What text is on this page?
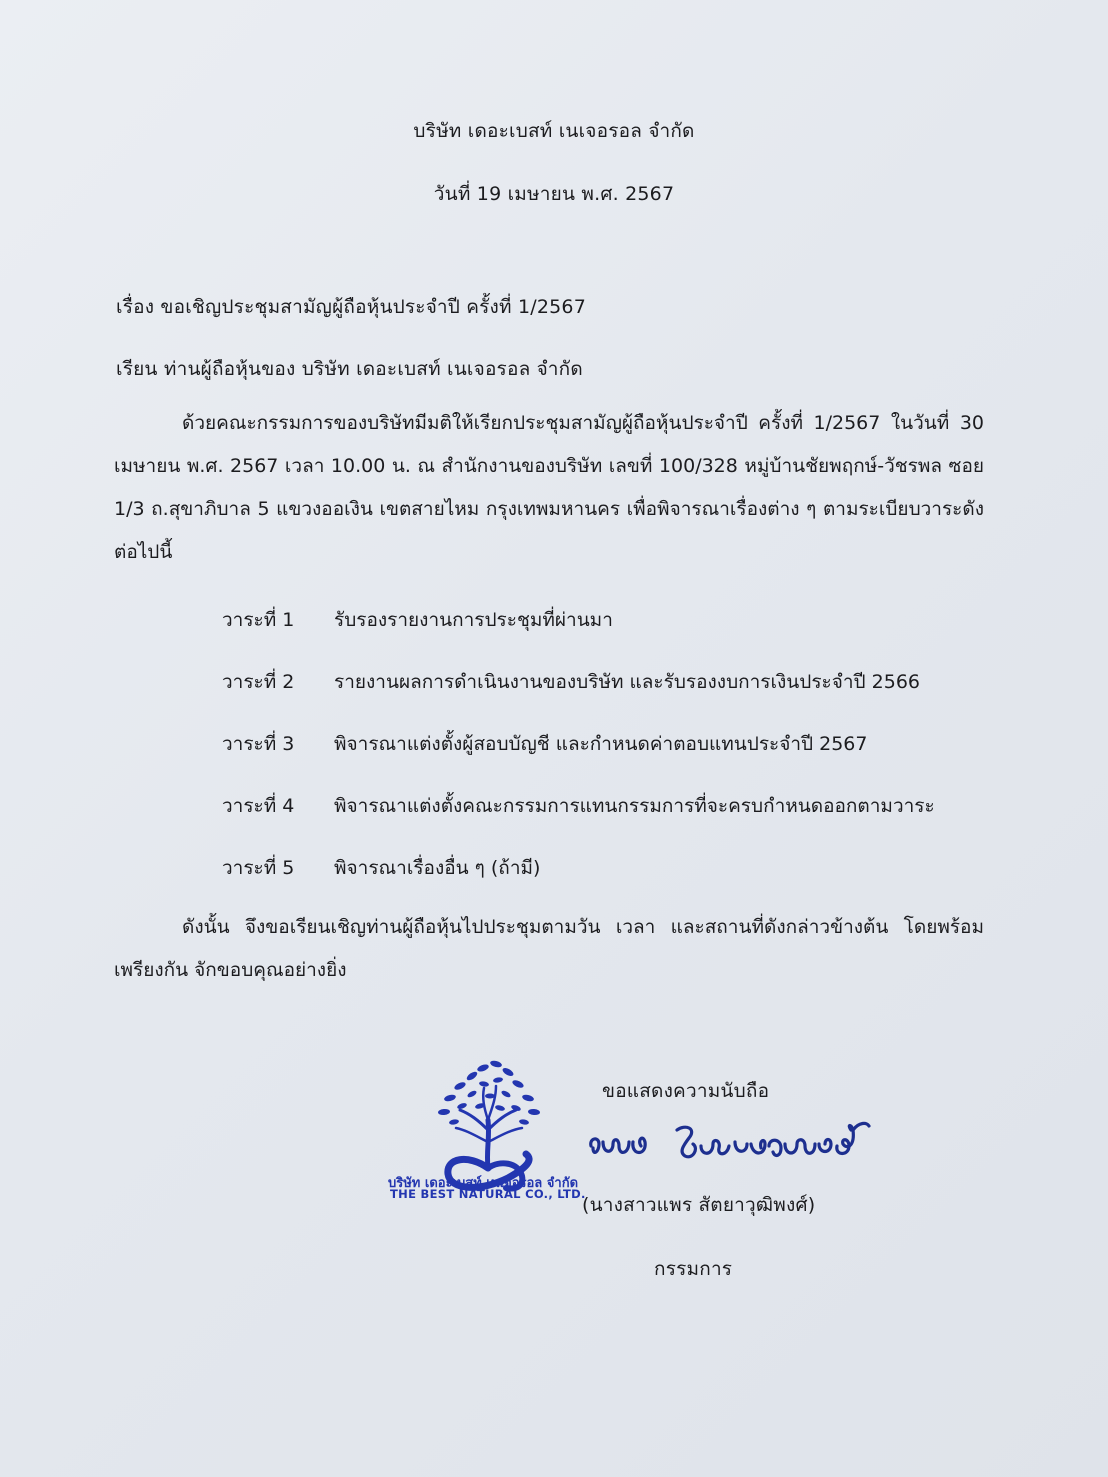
บริษัท เดอะเบสท์ เนเจอรอล จำกัด
วันที่ 19 เมษายน พ.ศ. 2567
เรื่อง ขอเชิญประชุมสามัญผู้ถือหุ้นประจำปี ครั้งที่ 1/2567
เรียน ท่านผู้ถือหุ้นของ บริษัท เดอะเบสท์ เนเจอรอล จำกัด
ด้วยคณะกรรมการของบริษัทมีมติให้เรียกประชุมสามัญผู้ถือหุ้นประจำปี ครั้งที่ 1/2567 ในวันที่ 30 เมษายน พ.ศ. 2567 เวลา 10.00 น. ณ สำนักงานของบริษัท เลขที่ 100/328 หมู่บ้านชัยพฤกษ์-วัชรพล ซอย 1/3 ถ.สุขาภิบาล 5 แขวงออเงิน เขตสายไหม กรุงเทพมหานคร เพื่อพิจารณาเรื่องต่าง ๆ ตามระเบียบวาระดังต่อไปนี้
วาระที่ 1 รับรองรายงานการประชุมที่ผ่านมา
วาระที่ 2 รายงานผลการดำเนินงานของบริษัท และรับรองงบการเงินประจำปี 2566
วาระที่ 3 พิจารณาแต่งตั้งผู้สอบบัญชี และกำหนดค่าตอบแทนประจำปี 2567
วาระที่ 4 พิจารณาแต่งตั้งคณะกรรมการแทนกรรมการที่จะครบกำหนดออกตามวาระ
วาระที่ 5 พิจารณาเรื่องอื่น ๆ (ถ้ามี)
ดังนั้น จึงขอเรียนเชิญท่านผู้ถือหุ้นไปประชุมตามวัน เวลา และสถานที่ดังกล่าวข้างต้น โดยพร้อมเพรียงกัน จักขอบคุณอย่างยิ่ง
บริษัท เดอะเบสท์ เนเจอรอล จำกัด
THE BEST NATURAL CO., LTD.
ขอแสดงความนับถือ
(นางสาวแพร สัตยาวุฒิพงศ์)
กรรมการ
